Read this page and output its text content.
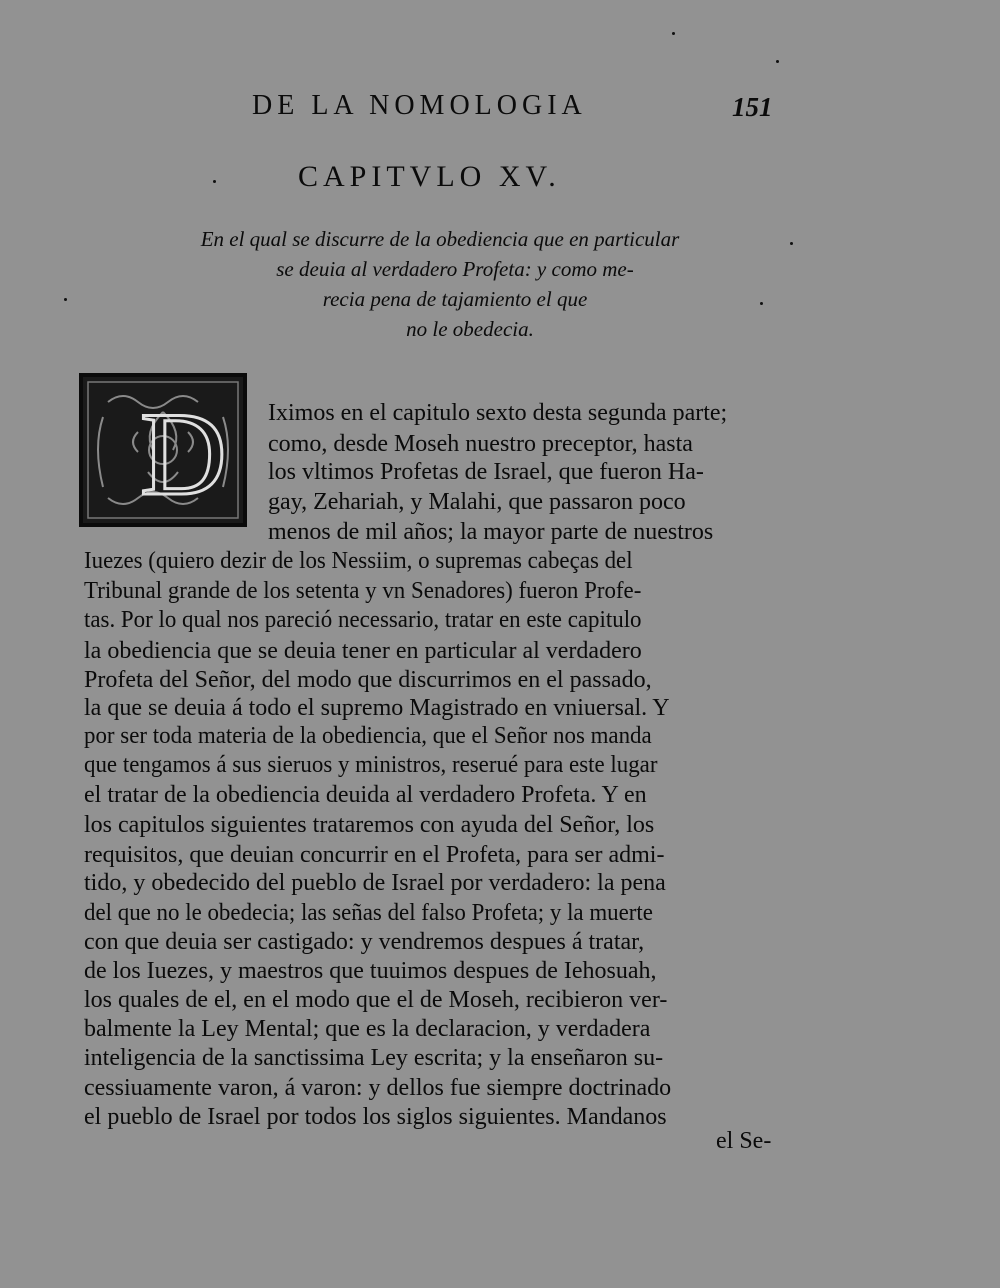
DE LA NOMOLOGIA	151
CAPITVLO XV.
En el qual se discurre de la obediencia que en particular
se deuia al verdadero Profeta: y como me-
recia pena de tajamiento el que
no le obedecia.
D Iximos en el capitulo sexto desta segunda parte;
como, desde Moseh nuestro preceptor, hasta
los vltimos Profetas de Israel, que fueron Ha-
gay, Zehariah, y Malahi, que passaron poco
menos de mil años; la mayor parte de nuestros
Iuezes (quiero dezir de los Nessiim, o supremas cabeças del
Tribunal grande de los setenta y vn Senadores) fueron Profe-
tas. Por lo qual nos pareció necessario, tratar en este capitulo
la obediencia que se deuia tener en particular al verdadero
Profeta del Señor, del modo que discurrimos en el passado,
la que se deuia á todo el supremo Magistrado en vniuersal. Y
por ser toda materia de la obediencia, que el Señor nos manda
que tengamos á sus sieruos y ministros, reserué para este lugar
el tratar de la obediencia deuida al verdadero Profeta. Y en
los capitulos siguientes trataremos con ayuda del Señor, los
requisitos, que deuian concurrir en el Profeta, para ser admi-
tido, y obedecido del pueblo de Israel por verdadero: la pena
del que no le obedecia; las señas del falso Profeta; y la muerte
con que deuia ser castigado: y vendremos despues á tratar,
de los Iuezes, y maestros que tuuimos despues de Iehosuah,
los quales de el, en el modo que el de Moseh, recibieron ver-
balmente la Ley Mental; que es la declaracion, y verdadera
inteligencia de la sanctissima Ley escrita; y la enseñaron su-
cessiuamente varon, á varon: y dellos fue siempre doctrinado
el pueblo de Israel por todos los siglos siguientes. Mandanos
el Se-
